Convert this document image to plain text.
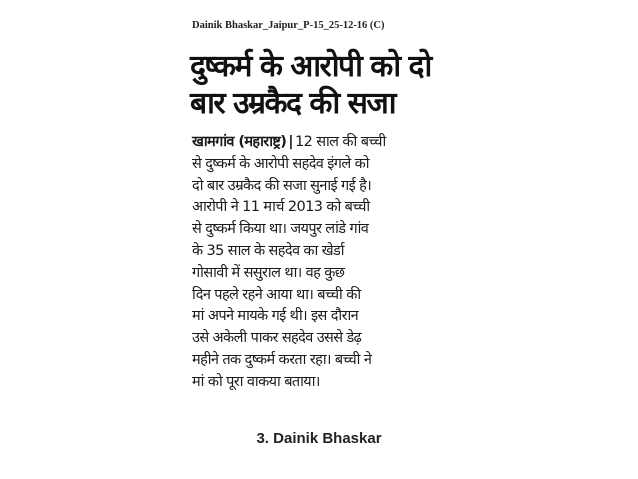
Dainik Bhaskar_Jaipur_P-15_25-12-16 (C)
दुष्कर्म के आरोपी को दो
बार उम्रकैद की सजा
खामगांव (महाराष्ट्र) | 12 साल की बच्ची
से दुष्कर्म के आरोपी सहदेव इंगले को
दो बार उम्रकैद की सजा सुनाई गई है।
आरोपी ने 11 मार्च 2013 को बच्ची
से दुष्कर्म किया था। जयपुर लांडे गांव
के 35 साल के सहदेव का खेर्डा
गोसावी में ससुराल था। वह कुछ
दिन पहले रहने आया था। बच्ची की
मां अपने मायके गई थी। इस दौरान
उसे अकेली पाकर सहदेव उससे डेढ़
महीने तक दुष्कर्म करता रहा। बच्ची ने
मां को पूरा वाकया बताया।
3. Dainik Bhaskar
